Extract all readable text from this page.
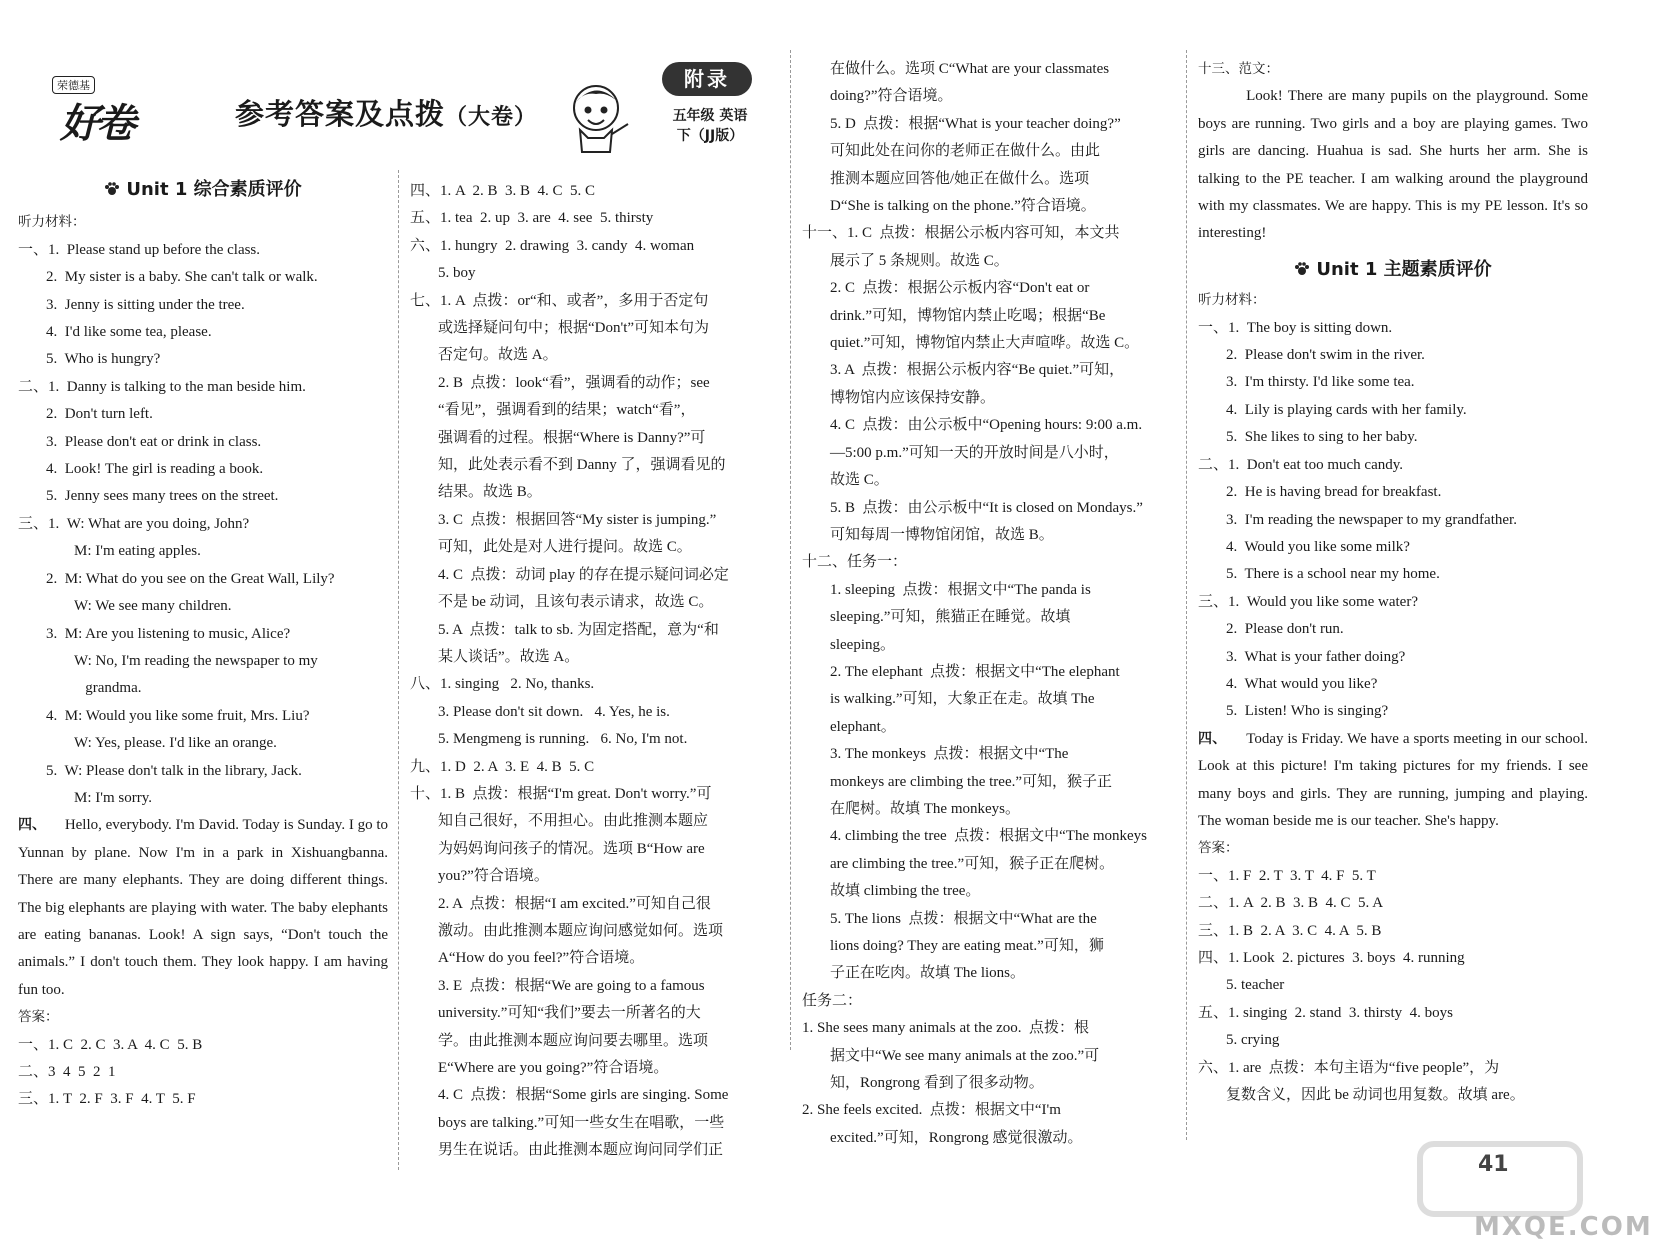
荣德基
好卷	参考答案及点拨（大卷）
附录
五年级 英语
下（JJ版）
Unit 1 综合素质评价
听力材料：
一、1.  Please stand up before the class.
2.  My sister is a baby. She can't talk or walk.
3.  Jenny is sitting under the tree.
4.  I'd like some tea, please.
5.  Who is hungry?
二、1.  Danny is talking to the man beside him.
2.  Don't turn left.
3.  Please don't eat or drink in class.
4.  Look! The girl is reading a book.
5.  Jenny sees many trees on the street.
三、1.  W: What are you doing, John?
M: I'm eating apples.
2.  M: What do you see on the Great Wall, Lily?
W: We see many children.
3.  M: Are you listening to music, Alice?
W: No, I'm reading the newspaper to my
grandma.
4.  M: Would you like some fruit, Mrs. Liu?
W: Yes, please. I'd like an orange.
5.  W: Please don't talk in the library, Jack.
M: I'm sorry.
四、 Hello, everybody. I'm David. Today is Sunday. I go to Yunnan by plane. Now I'm in a park in Xishuangbanna. There are many elephants. They are doing different things. The big elephants are playing with water. The baby elephants are eating bananas. Look! A sign says, “Don't touch the animals.” I don't touch them. They look happy. I am having fun too.
答案：
一、1. C  2. C  3. A  4. C  5. B
二、3  4  5  2  1
三、1. T  2. F  3. F  4. T  5. F
四、1. A  2. B  3. B  4. C  5. C
五、1. tea  2. up  3. are  4. see  5. thirsty
六、1. hungry  2. drawing  3. candy  4. woman
5. boy
七、1. A  点拨：or“和、或者”，多用于否定句
或选择疑问句中；根据“Don't”可知本句为
否定句。故选 A。
2. B  点拨：look“看”，强调看的动作；see
“看见”，强调看到的结果；watch“看”，
强调看的过程。根据“Where is Danny?”可
知，此处表示看不到 Danny 了，强调看见的
结果。故选 B。
3. C  点拨：根据回答“My sister is jumping.”
可知，此处是对人进行提问。故选 C。
4. C  点拨：动词 play 的存在提示疑问词必定
不是 be 动词，且该句表示请求，故选 C。
5. A  点拨：talk to sb. 为固定搭配，意为“和
某人谈话”。故选 A。
八、1. singing   2. No, thanks.
3. Please don't sit down.   4. Yes, he is.
5. Mengmeng is running.   6. No, I'm not.
九、1. D  2. A  3. E  4. B  5. C
十、1. B  点拨：根据“I'm great. Don't worry.”可
知自己很好，不用担心。由此推测本题应
为妈妈询问孩子的情况。选项 B“How are
you?”符合语境。
2. A  点拨：根据“I am excited.”可知自己很
激动。由此推测本题应询问感觉如何。选项
A“How do you feel?”符合语境。
3. E  点拨：根据“We are going to a famous
university.”可知“我们”要去一所著名的大
学。由此推测本题应询问要去哪里。选项
E“Where are you going?”符合语境。
4. C  点拨：根据“Some girls are singing. Some
boys are talking.”可知一些女生在唱歌，一些
男生在说话。由此推测本题应询问同学们正
在做什么。选项 C“What are your classmates
doing?”符合语境。
5. D  点拨：根据“What is your teacher doing?”
可知此处在问你的老师正在做什么。由此
推测本题应回答他/她正在做什么。选项
D“She is talking on the phone.”符合语境。
十一、1. C  点拨：根据公示板内容可知，本文共
展示了 5 条规则。故选 C。
2. C  点拨：根据公示板内容“Don't eat or
drink.”可知，博物馆内禁止吃喝；根据“Be
quiet.”可知，博物馆内禁止大声喧哗。故选 C。
3. A  点拨：根据公示板内容“Be quiet.”可知，
博物馆内应该保持安静。
4. C  点拨：由公示板中“Opening hours: 9:00 a.m.
—5:00 p.m.”可知一天的开放时间是八小时，
故选 C。
5. B  点拨：由公示板中“It is closed on Mondays.”
可知每周一博物馆闭馆，故选 B。
十二、任务一：
1. sleeping  点拨：根据文中“The panda is
sleeping.”可知，熊猫正在睡觉。故填
sleeping。
2. The elephant  点拨：根据文中“The elephant
is walking.”可知，大象正在走。故填 The
elephant。
3. The monkeys  点拨：根据文中“The
monkeys are climbing the tree.”可知，猴子正
在爬树。故填 The monkeys。
4. climbing the tree  点拨：根据文中“The monkeys
are climbing the tree.”可知，猴子正在爬树。
故填 climbing the tree。
5. The lions  点拨：根据文中“What are the
lions doing? They are eating meat.”可知，狮
子正在吃肉。故填 The lions。
任务二：
1. She sees many animals at the zoo.  点拨：根
据文中“We see many animals at the zoo.”可
知，Rongrong 看到了很多动物。
2. She feels excited.  点拨：根据文中“I'm
excited.”可知，Rongrong 感觉很激动。
十三、范文：
Look! There are many pupils on the playground. Some boys are running. Two girls and a boy are playing games. Two girls are dancing. Huahua is sad. She hurts her arm. She is talking to the PE teacher. I am walking around the playground with my classmates. We are happy. This is my PE lesson. It's so interesting!
Unit 1 主题素质评价
听力材料：
一、1.  The boy is sitting down.
2.  Please don't swim in the river.
3.  I'm thirsty. I'd like some tea.
4.  Lily is playing cards with her family.
5.  She likes to sing to her baby.
二、1.  Don't eat too much candy.
2.  He is having bread for breakfast.
3.  I'm reading the newspaper to my grandfather.
4.  Would you like some milk?
5.  There is a school near my home.
三、1.  Would you like some water?
2.  Please don't run.
3.  What is your father doing?
4.  What would you like?
5.  Listen! Who is singing?
四、 Today is Friday. We have a sports meeting in our school. Look at this picture! I'm taking pictures for my friends. I see many boys and girls. They are running, jumping and playing. The woman beside me is our teacher. She's happy.
答案：
一、1. F  2. T  3. T  4. F  5. T
二、1. A  2. B  3. B  4. C  5. A
三、1. B  2. A  3. C  4. A  5. B
四、1. Look  2. pictures  3. boys  4. running
5. teacher
五、1. singing  2. stand  3. thirsty  4. boys
5. crying
六、1. are  点拨：本句主语为“five people”，为
复数含义，因此 be 动词也用复数。故填 are。
41
MXQE.COM
